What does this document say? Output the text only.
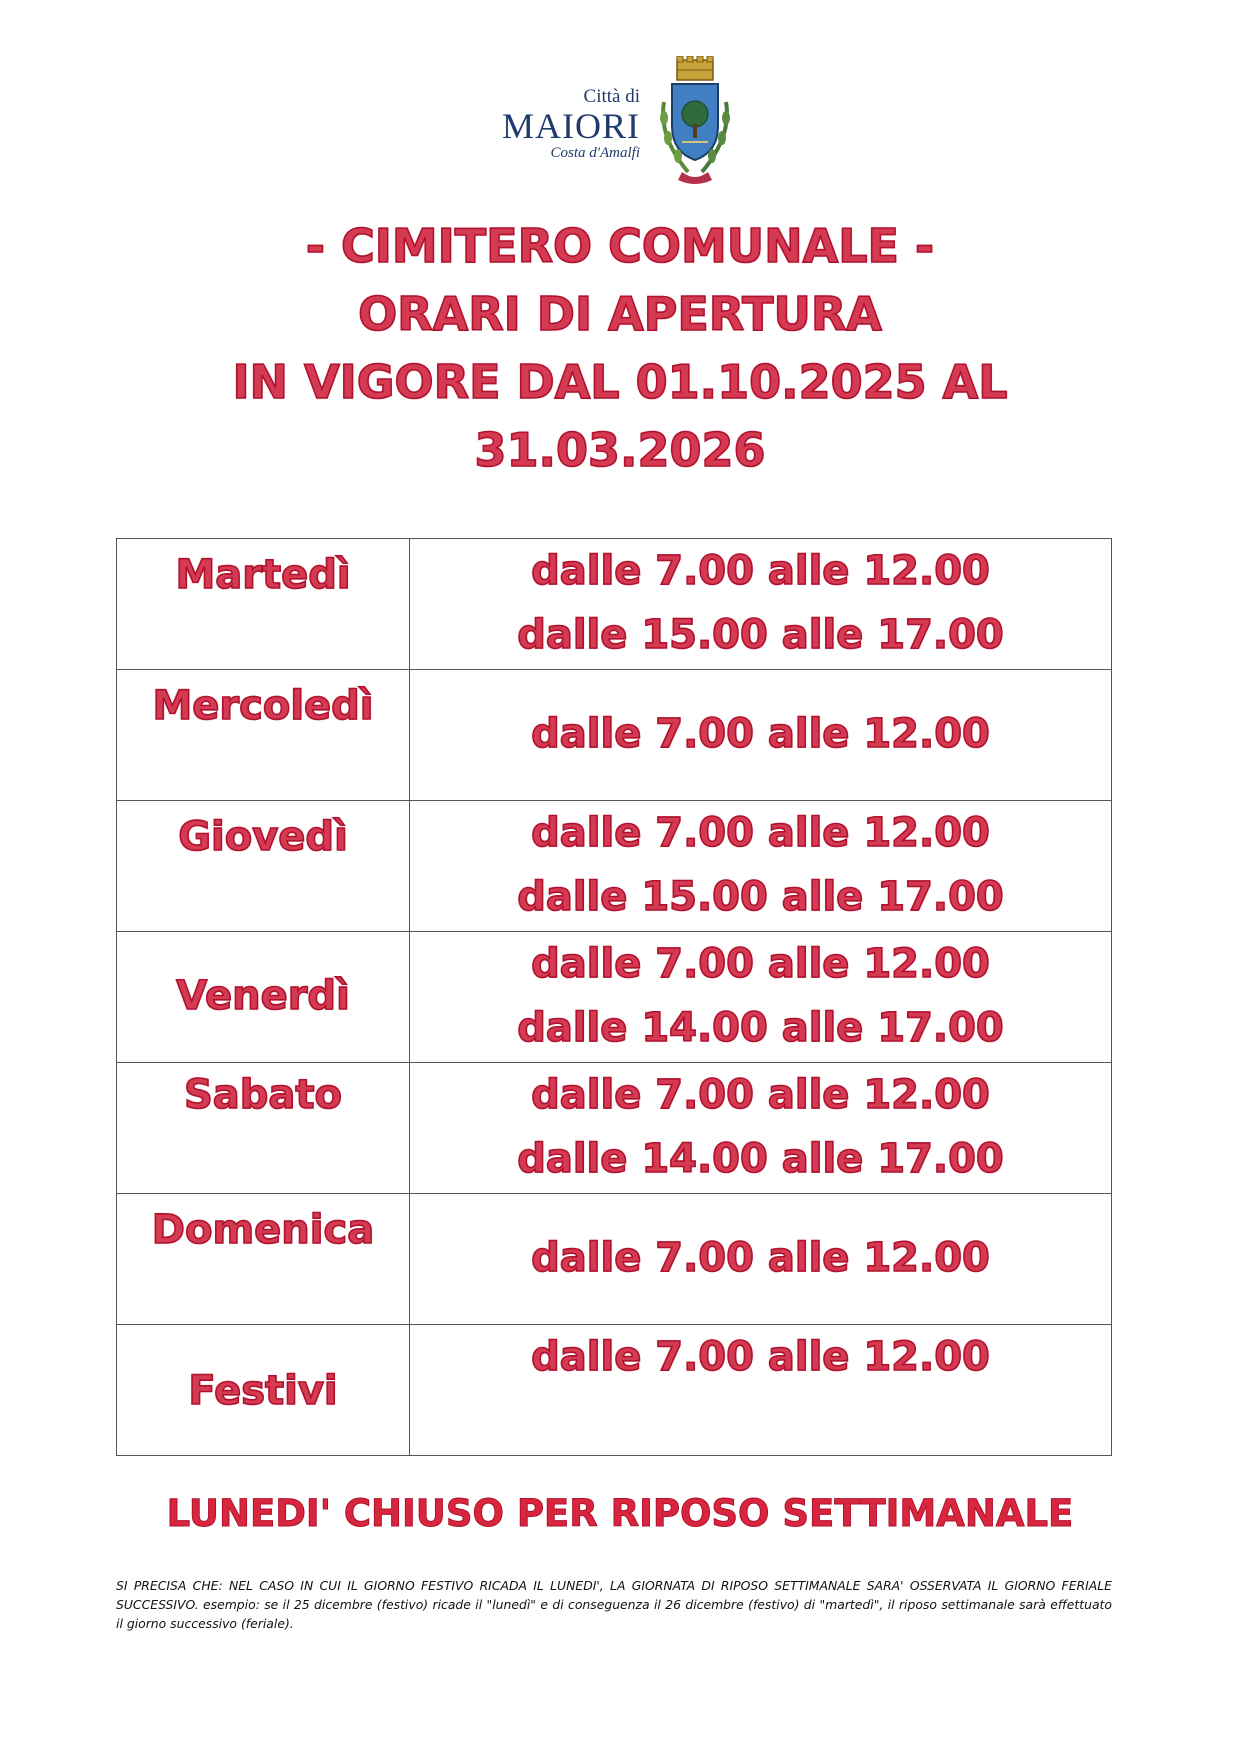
Città di
MAIORI
Costa d'Amalfi
- CIMITERO COMUNALE -
ORARI DI APERTURA
IN VIGORE DAL 01.10.2025 AL
31.03.2026
Martedì	dalle 7.00 alle 12.00
dalle 15.00 alle 17.00

Mercoledì	dalle 7.00 alle 12.00

Giovedì	dalle 7.00 alle 12.00
dalle 15.00 alle 17.00

Venerdì	dalle 7.00 alle 12.00
dalle 14.00 alle 17.00

Sabato	dalle 7.00 alle 12.00
dalle 14.00 alle 17.00

Domenica	dalle 7.00 alle 12.00

Festivi	dalle 7.00 alle 12.00
LUNEDI' CHIUSO PER RIPOSO SETTIMANALE
SI PRECISA CHE: NEL CASO IN CUI IL GIORNO FESTIVO RICADA IL LUNEDI', LA GIORNATA DI RIPOSO SETTIMANALE SARA' OSSERVATA IL GIORNO FERIALE SUCCESSIVO. esempio: se il 25 dicembre (festivo) ricade il "lunedì" e di conseguenza il 26 dicembre (festivo) di "martedì", il riposo settimanale sarà effettuato il giorno successivo (feriale).
